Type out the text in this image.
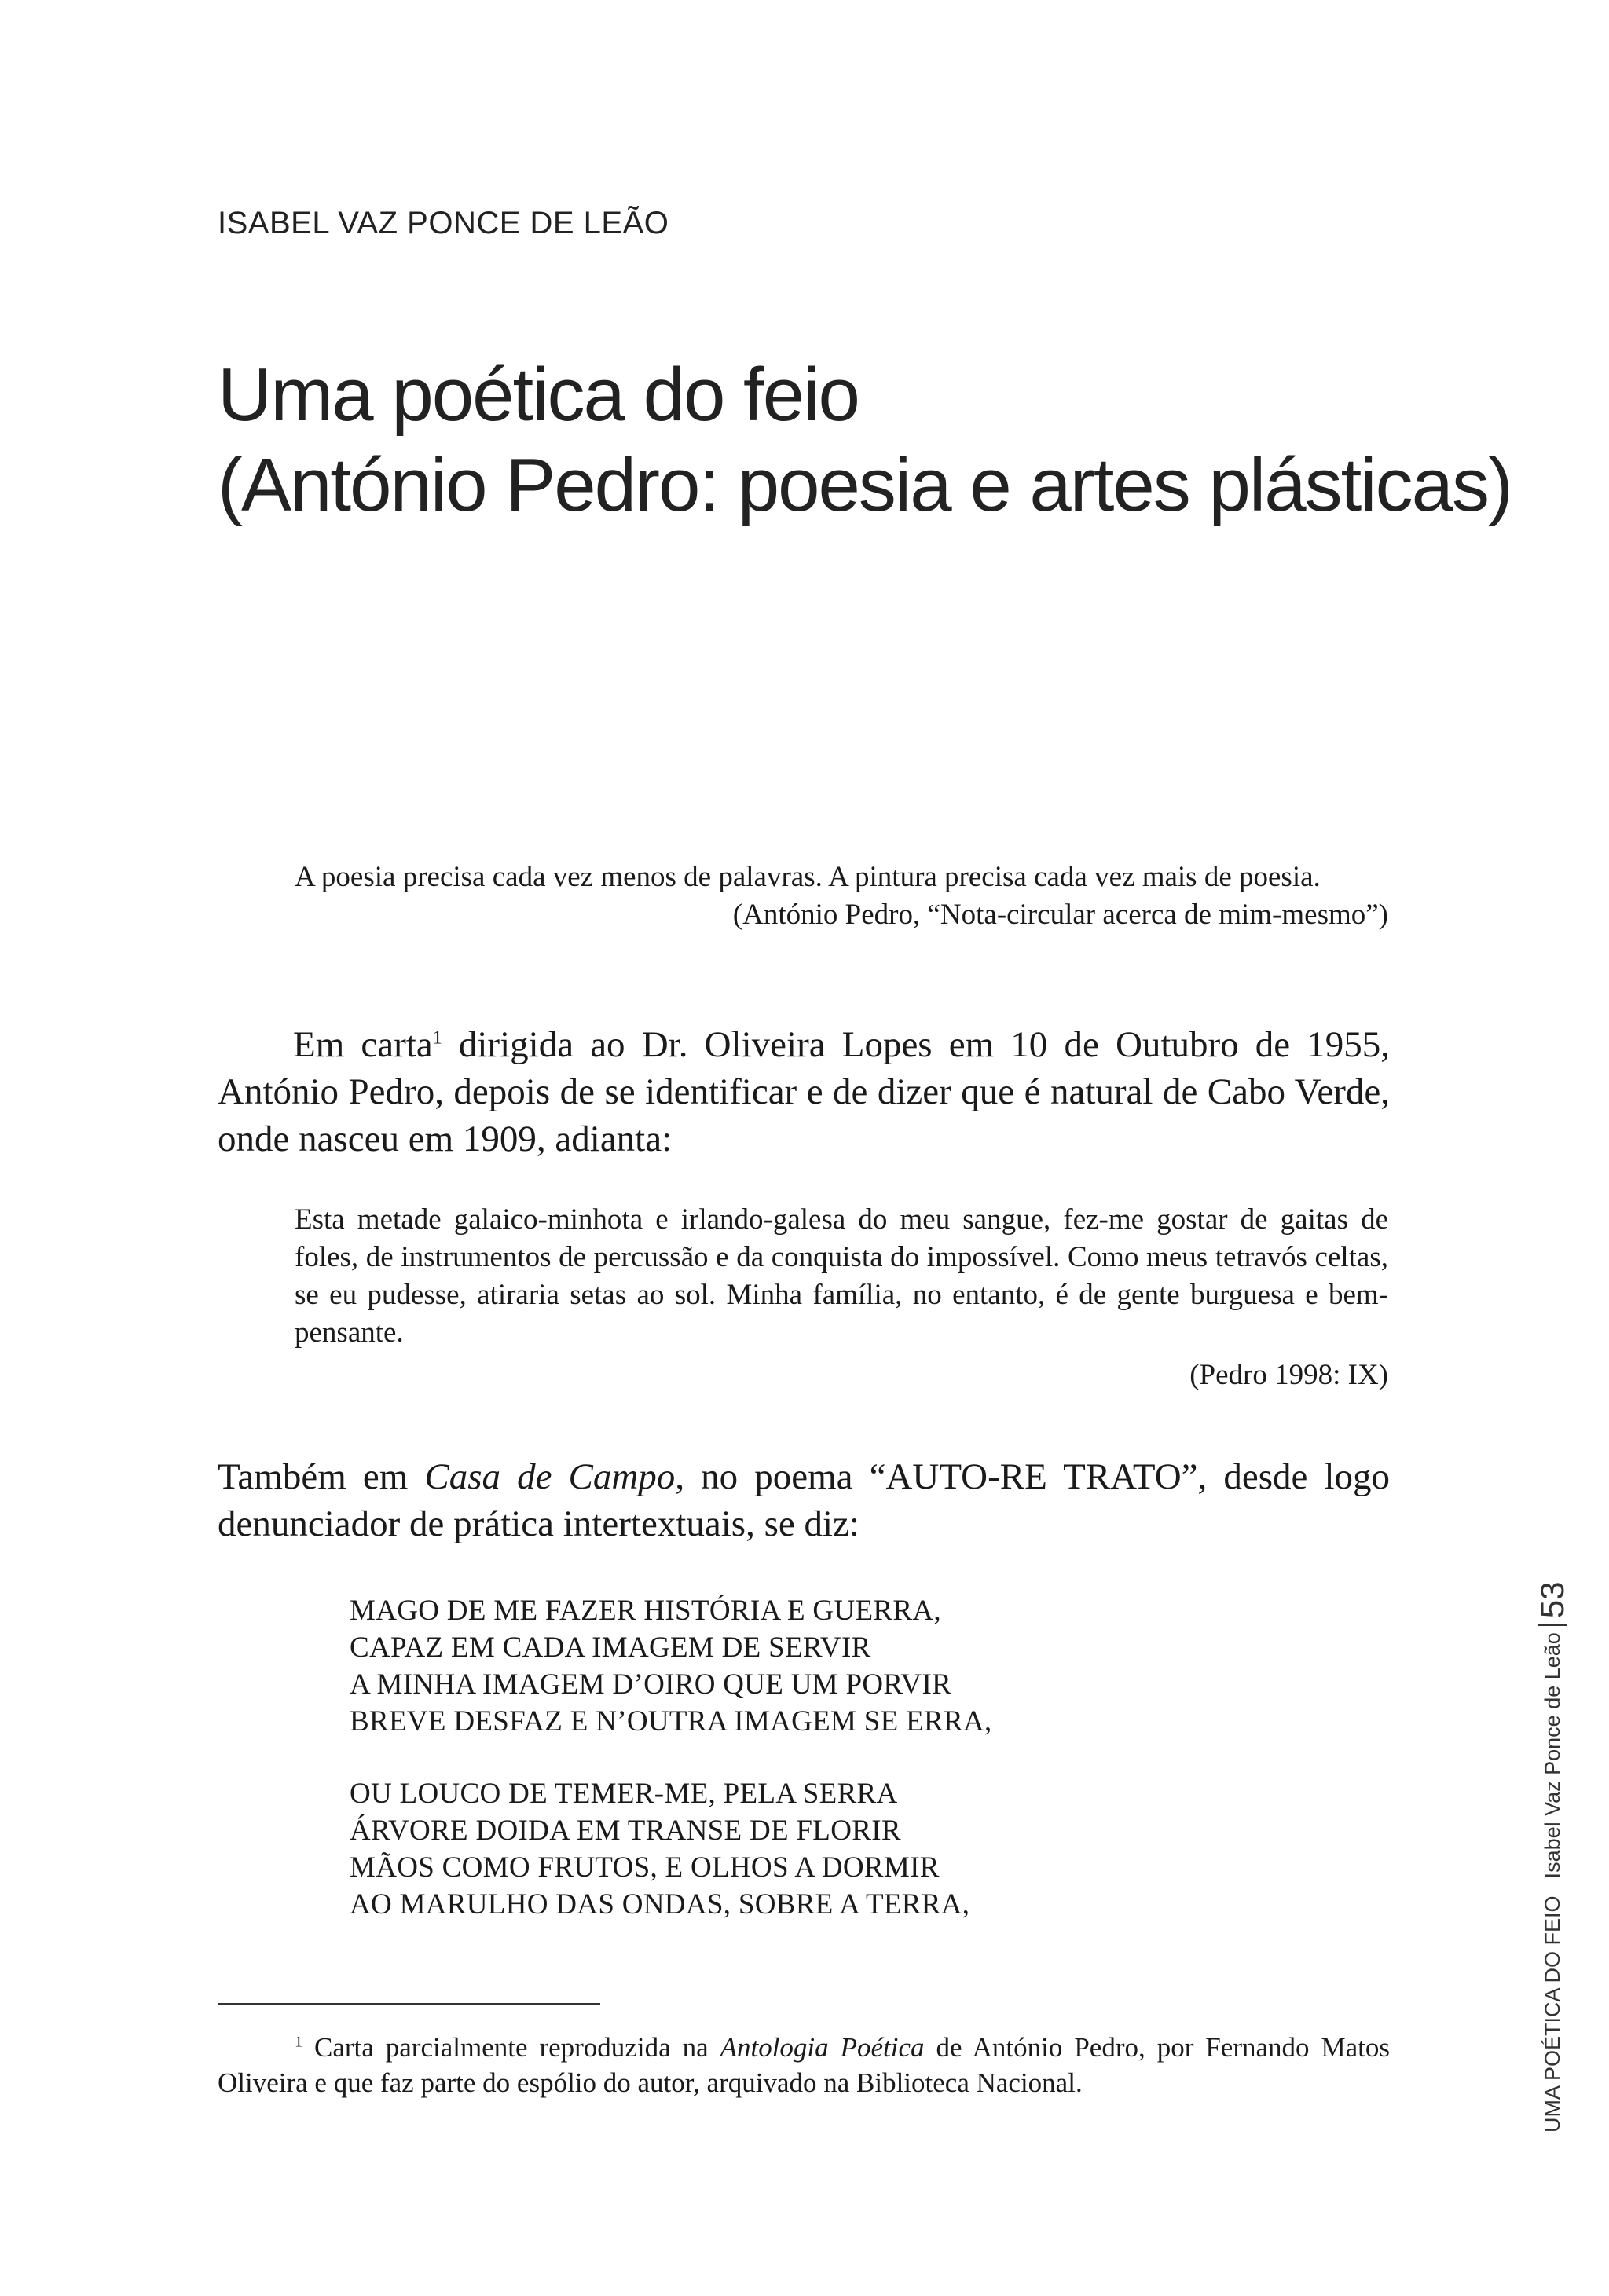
ISABEL VAZ PONCE DE LEÃO
Uma poética do feio
(António Pedro: poesia e artes plásticas)
A poesia precisa cada vez menos de palavras. A pintura precisa cada vez mais de poesia.
(António Pedro, “Nota-circular acerca de mim-mesmo”)
Em carta$^1$ dirigida ao Dr. Oliveira Lopes em 10 de Outubro de 1955, António Pedro, depois de se identificar e de dizer que é natural de Cabo Verde, onde nasceu em 1909, adianta:
Esta metade galaico-minhota e irlando-galesa do meu sangue, fez-me gostar de gaitas de foles, de instrumentos de percussão e da conquista do impossível. Como meus tetravós celtas, se eu pudesse, atiraria setas ao sol. Minha família, no entanto, é de gente burguesa e bem-pensante.
(Pedro 1998: IX)
Também em Casa de Campo, no poema “AUTO-RE TRATO”, desde logo denunciador de prática intertextuais, se diz:
MAGO DE ME FAZER HISTÓRIA E GUERRA,
CAPAZ EM CADA IMAGEM DE SERVIR
A MINHA IMAGEM D’OIRO QUE UM PORVIR
BREVE DESFAZ E N’OUTRA IMAGEM SE ERRA,
OU LOUCO DE TEMER-ME, PELA SERRA
ÁRVORE DOIDA EM TRANSE DE FLORIR
MÃOS COMO FRUTOS, E OLHOS A DORMIR
AO MARULHO DAS ONDAS, SOBRE A TERRA,
$^1$ Carta parcialmente reproduzida na Antologia Poética de António Pedro, por Fernando Matos Oliveira e que faz parte do espólio do autor, arquivado na Biblioteca Nacional.	UMA POÉTICA DO FEIO
Isabel Vaz Ponce de Leão
53
